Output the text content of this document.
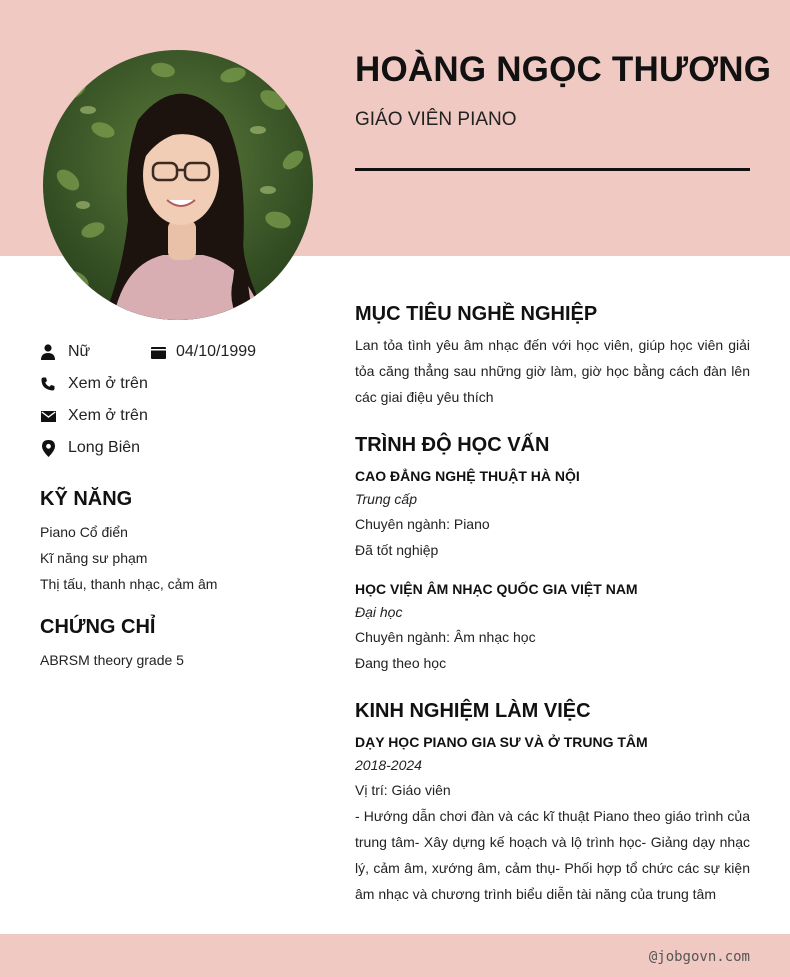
HOÀNG NGỌC THƯƠNG
GIÁO VIÊN PIANO
Nữ	04/10/1999
Xem ở trên
Xem ở trên
Long Biên
KỸ NĂNG
Piano Cổ điển
Kĩ năng sư phạm
Thị tấu, thanh nhạc, cảm âm
CHỨNG CHỈ
ABRSM theory grade 5
MỤC TIÊU NGHỀ NGHIỆP
Lan tỏa tình yêu âm nhạc đến với học viên, giúp học viên giải tỏa căng thẳng sau những giờ làm, giờ học bằng cách đàn lên các giai điệu yêu thích
TRÌNH ĐỘ HỌC VẤN
CAO ĐẲNG NGHỆ THUẬT HÀ NỘI
Trung cấp
Chuyên ngành: Piano
Đã tốt nghiệp
HỌC VIỆN ÂM NHẠC QUỐC GIA VIỆT NAM
Đại học
Chuyên ngành: Âm nhạc học
Đang theo học
KINH NGHIỆM LÀM VIỆC
DẠY HỌC PIANO GIA SƯ VÀ Ở TRUNG TÂM
2018-2024
Vị trí: Giáo viên
- Hướng dẫn chơi đàn và các kĩ thuật Piano theo giáo trình của trung tâm- Xây dựng kế hoạch và lộ trình học- Giảng dạy nhạc lý, cảm âm, xướng âm, cảm thụ- Phối hợp tổ chức các sự kiện âm nhạc và chương trình biểu diễn tài năng của trung tâm
@jobgovn.com
